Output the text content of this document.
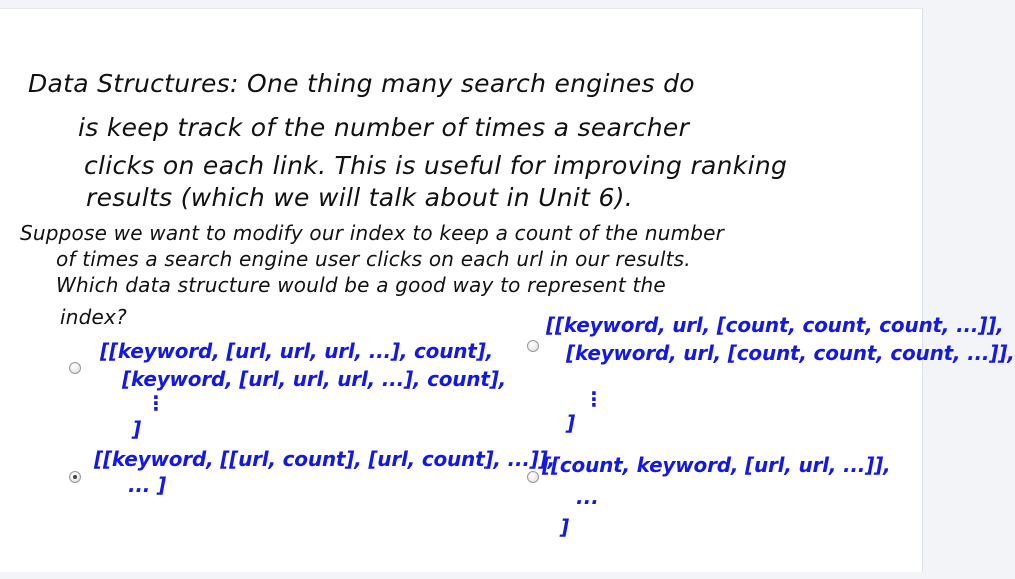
Data Structures: One thing many search engines do
is keep track of the number of times a searcher
clicks on each link. This is useful for improving ranking
results (which we will talk about in Unit 6).
Suppose we want to modify our index to keep a count of the number
of times a search engine user clicks on each url in our results.
Which data structure would be a good way to represent the
index?
[[keyword, [url, url, url, ...], count],
[keyword, [url, url, url, ...], count],
⋮
]
[[keyword, url, [count, count, count, ...]],
[keyword, url, [count, count, count, ...]],
⋮
]
[[keyword, [[url, count], [url, count], ...]],
... ]
[[count, keyword, [url, url, ...]],
...
]
